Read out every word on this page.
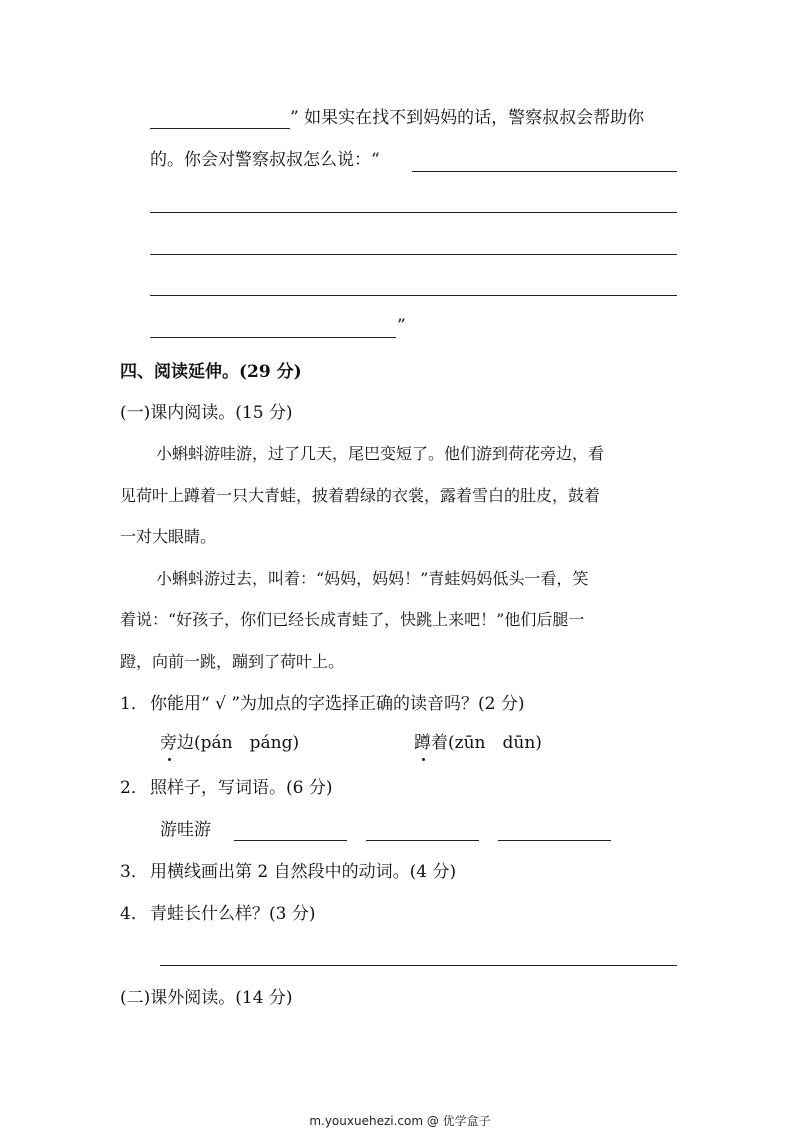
” 如果实在找不到妈妈的话，警察叔叔会帮助你
的。你会对警察叔叔怎么说：“
”
四、阅读延伸。(29 分)
(一)课内阅读。(15 分)
小蝌蚪游哇游，过了几天，尾巴变短了。他们游到荷花旁边，看
见荷叶上蹲着一只大青蛙，披着碧绿的衣裳，露着雪白的肚皮，鼓着
一对大眼睛。
小蝌蚪游过去，叫着：“妈妈，妈妈！”青蛙妈妈低头一看，笑
着说：“好孩子，你们已经长成青蛙了，快跳上来吧！”他们后腿一
蹬，向前一跳，蹦到了荷叶上。
1． 你能用“ √ ”为加点的字选择正确的读音吗？(2 分)
旁边(pán　páng)	蹲着(zūn　dūn)
2． 照样子，写词语。(6 分)
游哇游
3． 用横线画出第 2 自然段中的动词。(4 分)
4． 青蛙长什么样？(3 分)
(二)课外阅读。(14 分)
m.youxuehezi.com @ 优学盒子
